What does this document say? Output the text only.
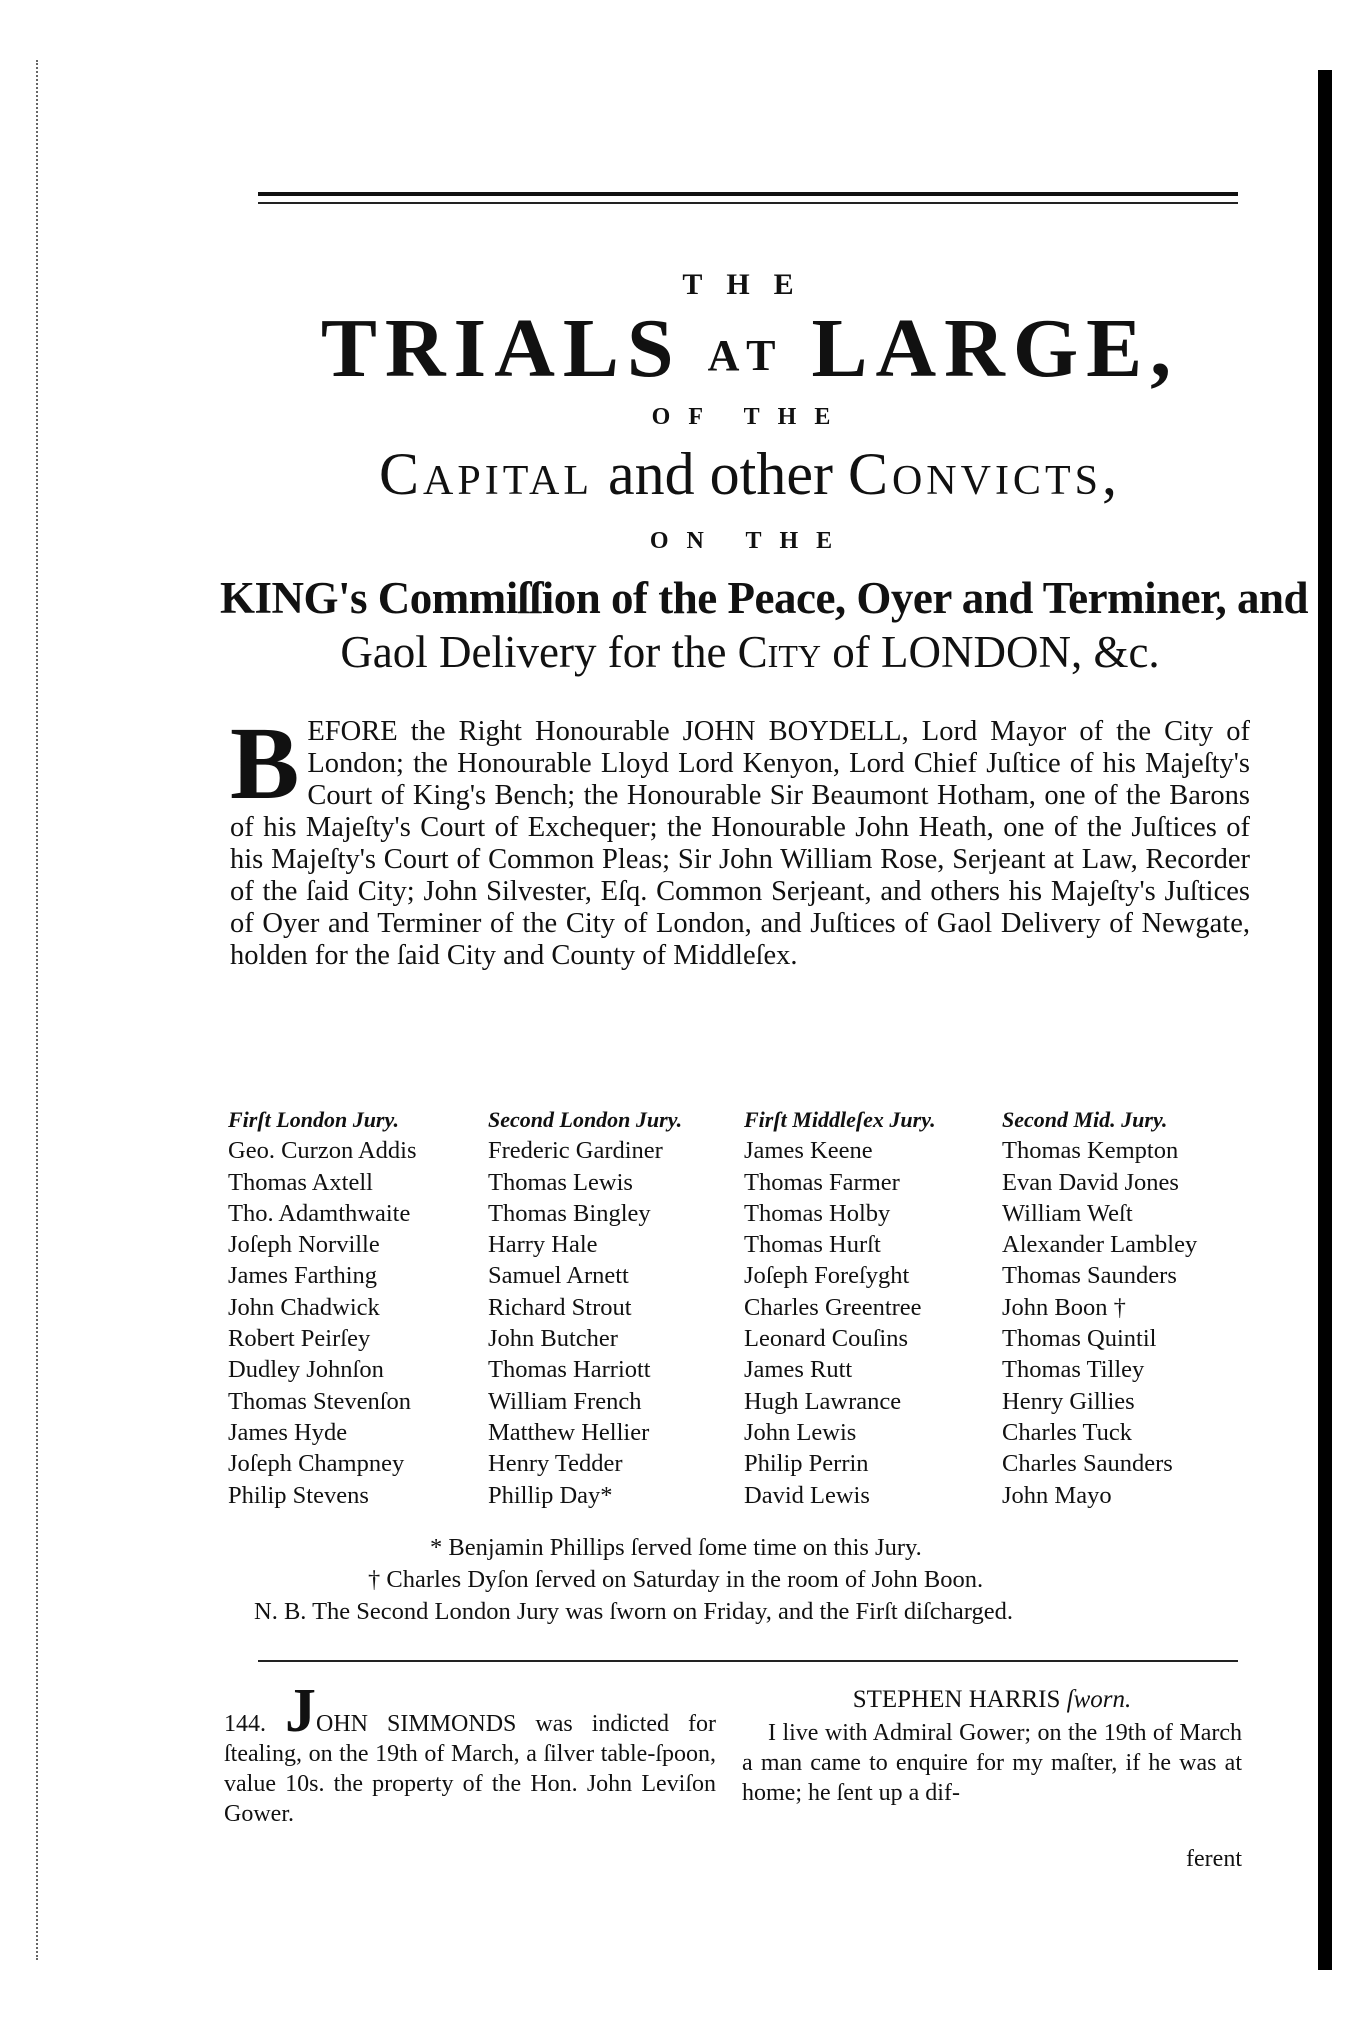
THE
TRIALS AT LARGE,
OF THE
Capital and other Convicts,
ON THE
KING's Commiſſion of the Peace, Oyer and Terminer, and
Gaol Delivery for the City of LONDON, &c.

BEFORE the Right Honourable JOHN BOYDELL, Lord Mayor of the City of London; the Honourable Lloyd Lord Kenyon, Lord Chief Juſtice of his Majeſty's Court of King's Bench; the Honourable Sir Beaumont Hotham, one of the Barons of his Majeſty's Court of Exchequer; the Honourable John Heath, one of the Juſtices of his Majeſty's Court of Common Pleas; Sir John William Rose, Serjeant at Law, Recorder of the ſaid City; John Silvester, Eſq. Common Serjeant, and others his Majeſty's Juſtices of Oyer and Terminer of the City of London, and Juſtices of Gaol Delivery of Newgate, holden for the ſaid City and County of Middleſex.

Firſt London Jury.
Geo. Curzon Addis
Thomas Axtell
Tho. Adamthwaite
Joſeph Norville
James Farthing
John Chadwick
Robert Peirſey
Dudley Johnſon
Thomas Stevenſon
James Hyde
Joſeph Champney
Philip Stevens
Second London Jury.
Frederic Gardiner
Thomas Lewis
Thomas Bingley
Harry Hale
Samuel Arnett
Richard Strout
John Butcher
Thomas Harriott
William French
Matthew Hellier
Henry Tedder
Phillip Day*
Firſt Middleſex Jury.
James Keene
Thomas Farmer
Thomas Holby
Thomas Hurſt
Joſeph Foreſyght
Charles Greentree
Leonard Couſins
James Rutt
Hugh Lawrance
John Lewis
Philip Perrin
David Lewis
Second Mid. Jury.
Thomas Kempton
Evan David Jones
William Weſt
Alexander Lambley
Thomas Saunders
John Boon †
Thomas Quintil
Thomas Tilley
Henry Gillies
Charles Tuck
Charles Saunders
John Mayo
* Benjamin Phillips ſerved ſome time on this Jury.
† Charles Dyſon ſerved on Saturday in the room of John Boon.
N. B. The Second London Jury was ſworn on Friday, and the Firſt diſcharged.

144. JOHN SIMMONDS was indicted for ſtealing, on the 19th of March, a ſilver table-ſpoon, value 10s. the property of the Hon. John Leviſon Gower.

STEPHEN HARRIS ſworn.

I live with Admiral Gower; on the 19th of March a man came to enquire for my maſter, if he was at home; he ſent up a dif-

ferent
